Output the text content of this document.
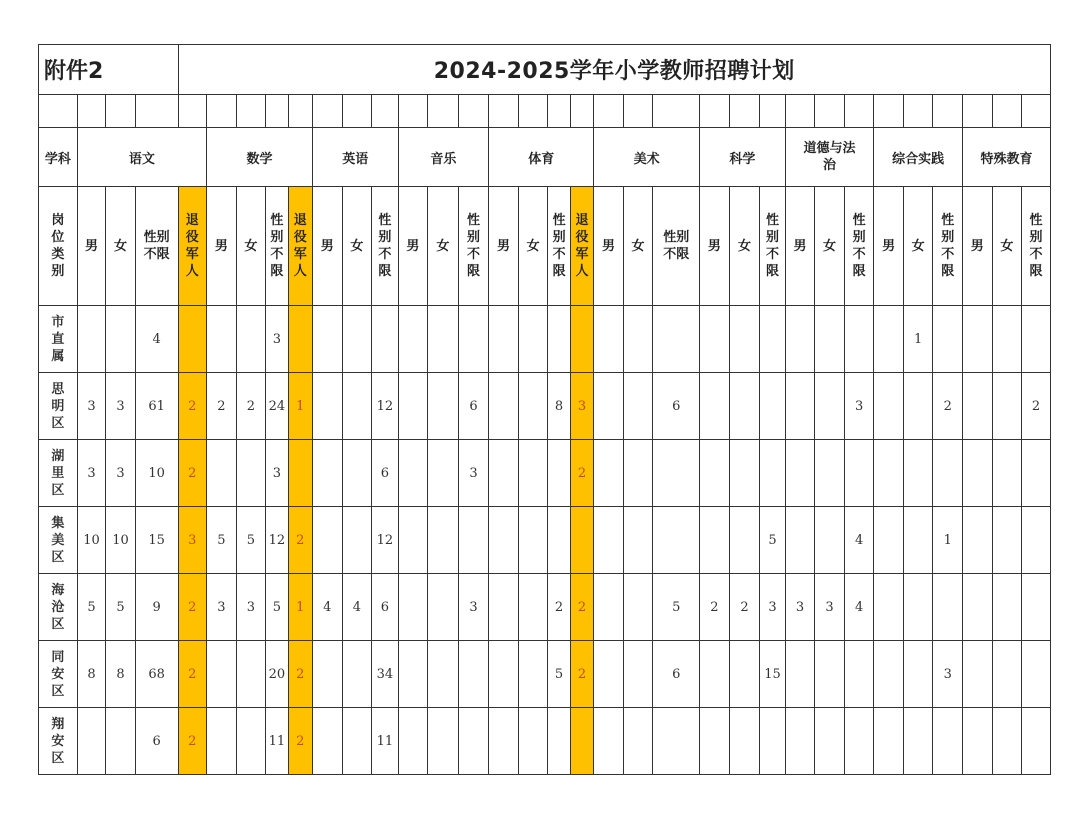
附件2				2024-2025学年小学教师招聘计划																													

学科	语文				数学				英语			音乐			体育				美术			科学			道德与法治			综合实践			特殊教育		
岗位类别	男	女	性别不限	退役军人	男	女	性别不限	退役军人	男	女	性别不限	男	女	性别不限	男	女	性别不限	退役军人	男	女	性别不限	男	女	性别不限	男	女	性别不限	男	女	性别不限	男	女	性别不限
市直属			4				3																						1				
思明区	3	3	61	2	2	2	24	1			12			6			8	3			6						3			2			2
湖里区	3	3	10	2			3				6			3				2															
集美区	10	10	15	3	5	5	12	2			12													5			4			1			
海沧区	5	5	9	2	3	3	5	1	4	4	6			3			2	2			5	2	2	3	3	3	4						
同安区	8	8	68	2			20	2			34						5	2			6			15						3			
翔安区			6	2			11	2			11																						
